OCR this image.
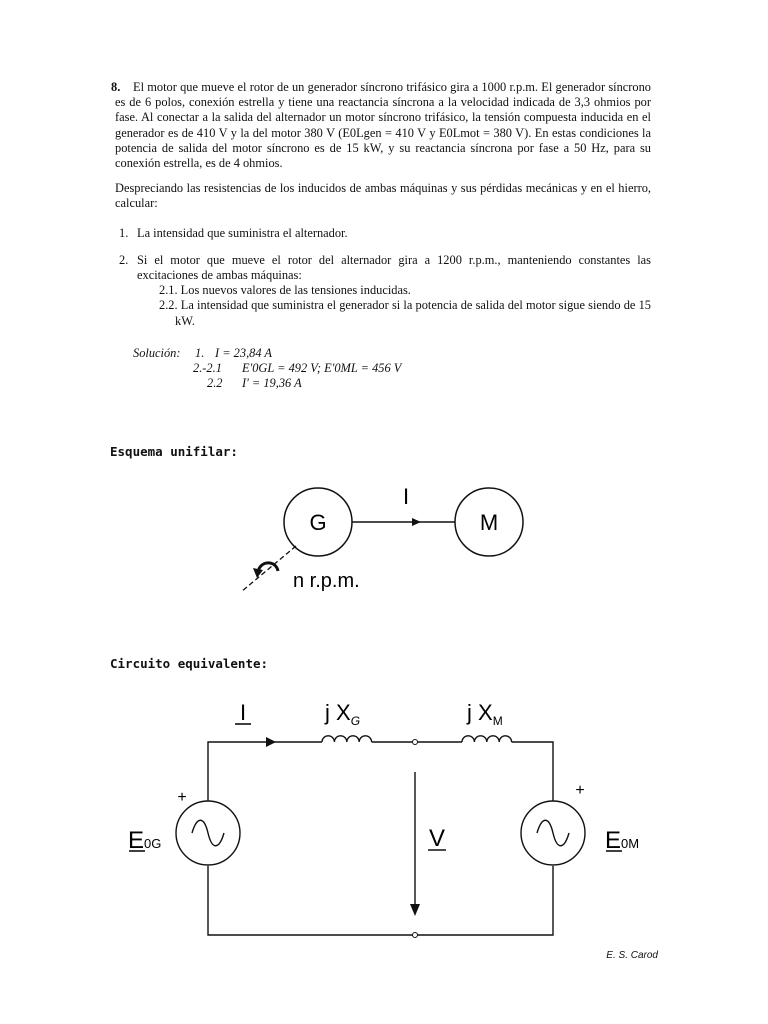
8.	El motor que mueve el rotor de un generador síncrono trifásico gira a 1000 r.p.m. El generador síncrono es de 6 polos, conexión estrella y tiene una reactancia síncrona a la velocidad indicada de 3,3 ohmios por fase. Al conectar a la salida del alternador un motor síncrono trifásico, la tensión compuesta inducida en el generador es de 410 V y la del motor 380 V (E0Lgen = 410 V y E0Lmot = 380 V). En estas condiciones la potencia de salida del motor síncrono es de 15 kW, y su reactancia síncrona por fase a 50 Hz, para su conexión estrella, es de 4 ohmios.

Despreciando las resistencias de los inducidos de ambas máquinas y sus pérdidas mecánicas y en el hierro, calcular:

1. La intensidad que suministra el alternador.
2. Si el motor que mueve el rotor del alternador gira a 1200 r.p.m., manteniendo constantes las excitaciones de ambas máquinas:
2.1. Los nuevos valores de las tensiones inducidas.
2.2. La intensidad que suministra el generador si la potencia de salida del motor sigue siendo de 15 kW.
Solución: 1. I = 23,84 A
2.-2.1 E'0GL = 492 V; E'0ML = 456 V
2.2 I' = 19,36 A
Esquema unifilar:
G	M
I
n r.p.m.
Circuito equivalente:
I	j $X_G$	j $X_M$
+	+
E0G	E0M
V
E. S. Carod
